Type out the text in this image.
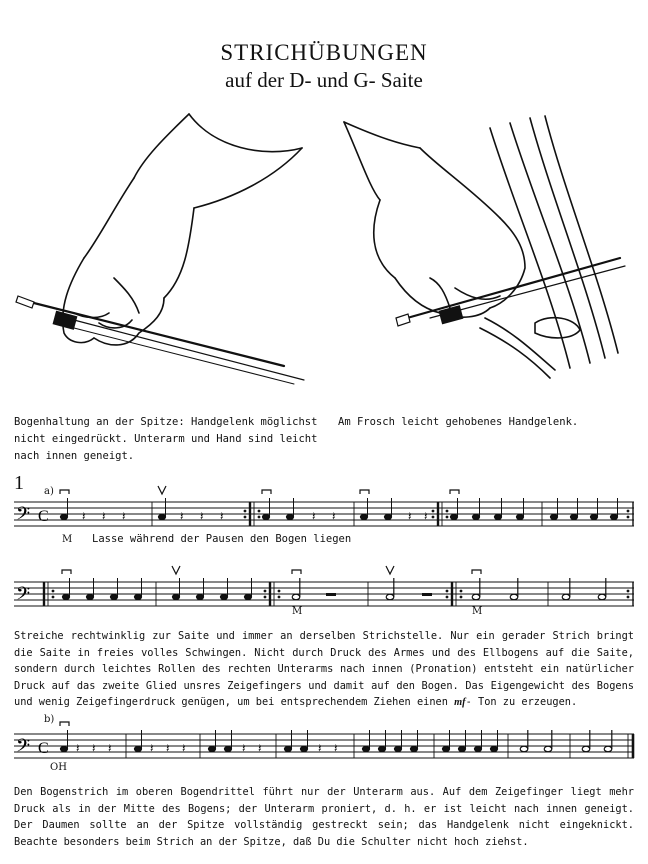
STRICHÜBUNGEN
auf der D- und G- Saite
Bogenhaltung an der Spitze: Handgelenk möglichst
nicht eingedrückt. Unterarm und Hand sind leicht
nach innen geneigt.
Am Frosch leicht gehobenes Handgelenk.
1 a)
𝄢 C	𝄽 𝄽 𝄽	𝄽 𝄽 𝄽	𝄽 𝄽	𝄽 𝄽
M Lasse während der Pausen den Bogen liegen
𝄢
M	M
Streiche rechtwinklig zur Saite und immer an derselben Strichstelle. Nur ein gerader Strich bringt die Saite in freies volles Schwingen. Nicht durch Druck des Armes und des Ellbogens auf die Saite, sondern durch leichtes Rollen des rechten Unterarms nach innen (Pronation) entsteht ein natürlicher Druck auf das zweite Glied unsres Zeigefingers und damit auf den Bogen. Das Eigengewicht des Bogens und wenig Zeigefingerdruck genügen, um bei entsprechendem Ziehen einen mf- Ton zu erzeugen.
b)
𝄢 C 𝄽 𝄽 𝄽	𝄽 𝄽 𝄽	𝄽 𝄽	𝄽 𝄽
OH
Den Bogenstrich im oberen Bogendrittel führt nur der Unterarm aus. Auf dem Zeigefinger liegt mehr Druck als in der Mitte des Bogens; der Unterarm proniert, d. h. er ist leicht nach innen geneigt. Der Daumen sollte an der Spitze vollständig gestreckt sein; das Handgelenk nicht eingeknickt. Beachte besonders beim Strich an der Spitze, daß Du die Schulter nicht hoch ziehst.
